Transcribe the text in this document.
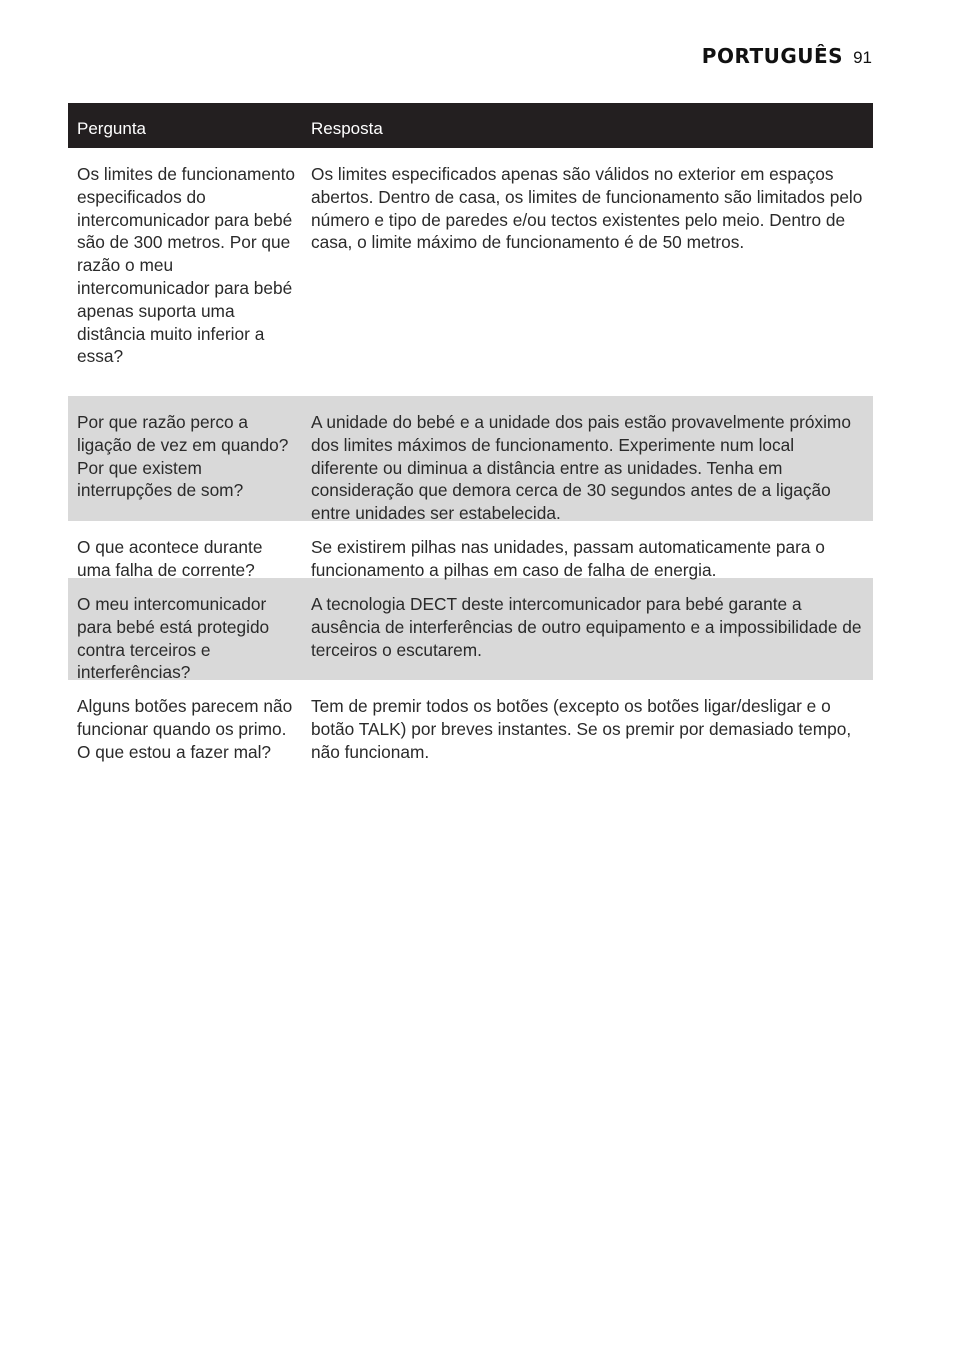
PORTUGUÊS 91
Pergunta	Resposta
Os limites de funcionamento especificados do intercomunicador para bebé são de 300 metros. Por que razão o meu intercomunicador para bebé apenas suporta uma distância muito inferior a essa?
Os limites especificados apenas são válidos no exterior em espaços abertos. Dentro de casa, os limites de funcionamento são limitados pelo número e tipo de paredes e/ou tectos existentes pelo meio. Dentro de casa, o limite máximo de funcionamento é de 50 metros.
Por que razão perco a ligação de vez em quando? Por que existem interrupções de som?
A unidade do bebé e a unidade dos pais estão provavelmente próximo dos limites máximos de funcionamento. Experimente num local diferente ou diminua a distância entre as unidades. Tenha em consideração que demora cerca de 30 segundos antes de a ligação entre unidades ser estabelecida.
O que acontece durante uma falha de corrente?
Se existirem pilhas nas unidades, passam automaticamente para o funcionamento a pilhas em caso de falha de energia.
O meu intercomunicador para bebé está protegido contra terceiros e interferências?
A tecnologia DECT deste intercomunicador para bebé garante a ausência de interferências de outro equipamento e a impossibilidade de terceiros o escutarem.
Alguns botões parecem não funcionar quando os primo. O que estou a fazer mal?
Tem de premir todos os botões (excepto os botões ligar/desligar e o botão TALK) por breves instantes. Se os premir por demasiado tempo, não funcionam.
